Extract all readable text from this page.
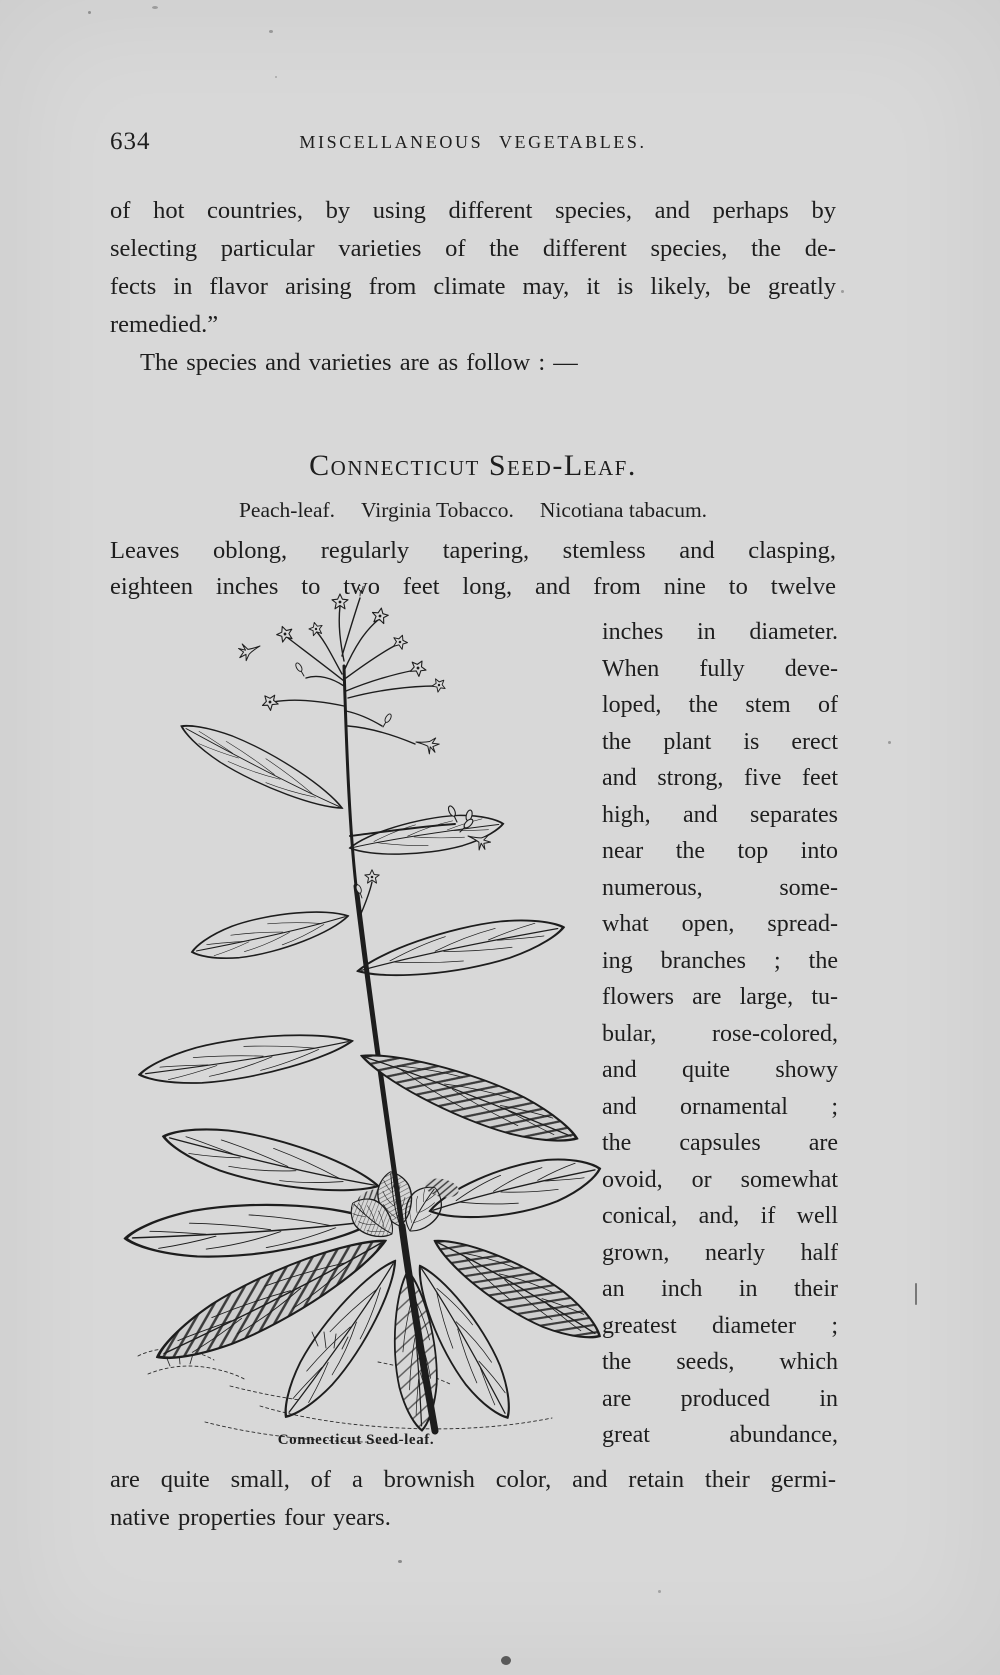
634	MISCELLANEOUS VEGETABLES.
of hot countries, by using different species, and perhaps by
selecting particular varieties of the different species, the de-
fects in flavor arising from climate may, it is likely, be greatly
remedied.”
The species and varieties are as follow : —
Connecticut Seed-Leaf.
Peach-leaf. Virginia Tobacco. Nicotiana tabacum.
Leaves oblong, regularly tapering, stemless and clasping,
eighteen inches to two feet long, and from nine to twelve
Connecticut Seed-leaf.
inches in diameter.
When fully deve-
loped, the stem of
the plant is erect
and strong, five feet
high, and separates
near the top into
numerous, some-
what open, spread-
ing branches ; the
flowers are large, tu-
bular, rose-colored,
and quite showy
and ornamental ;
the capsules are
ovoid, or somewhat
conical, and, if well
grown, nearly half
an inch in their
greatest diameter ;
the seeds, which
are produced in
great abundance,
are quite small, of a brownish color, and retain their germi-
native properties four years.
